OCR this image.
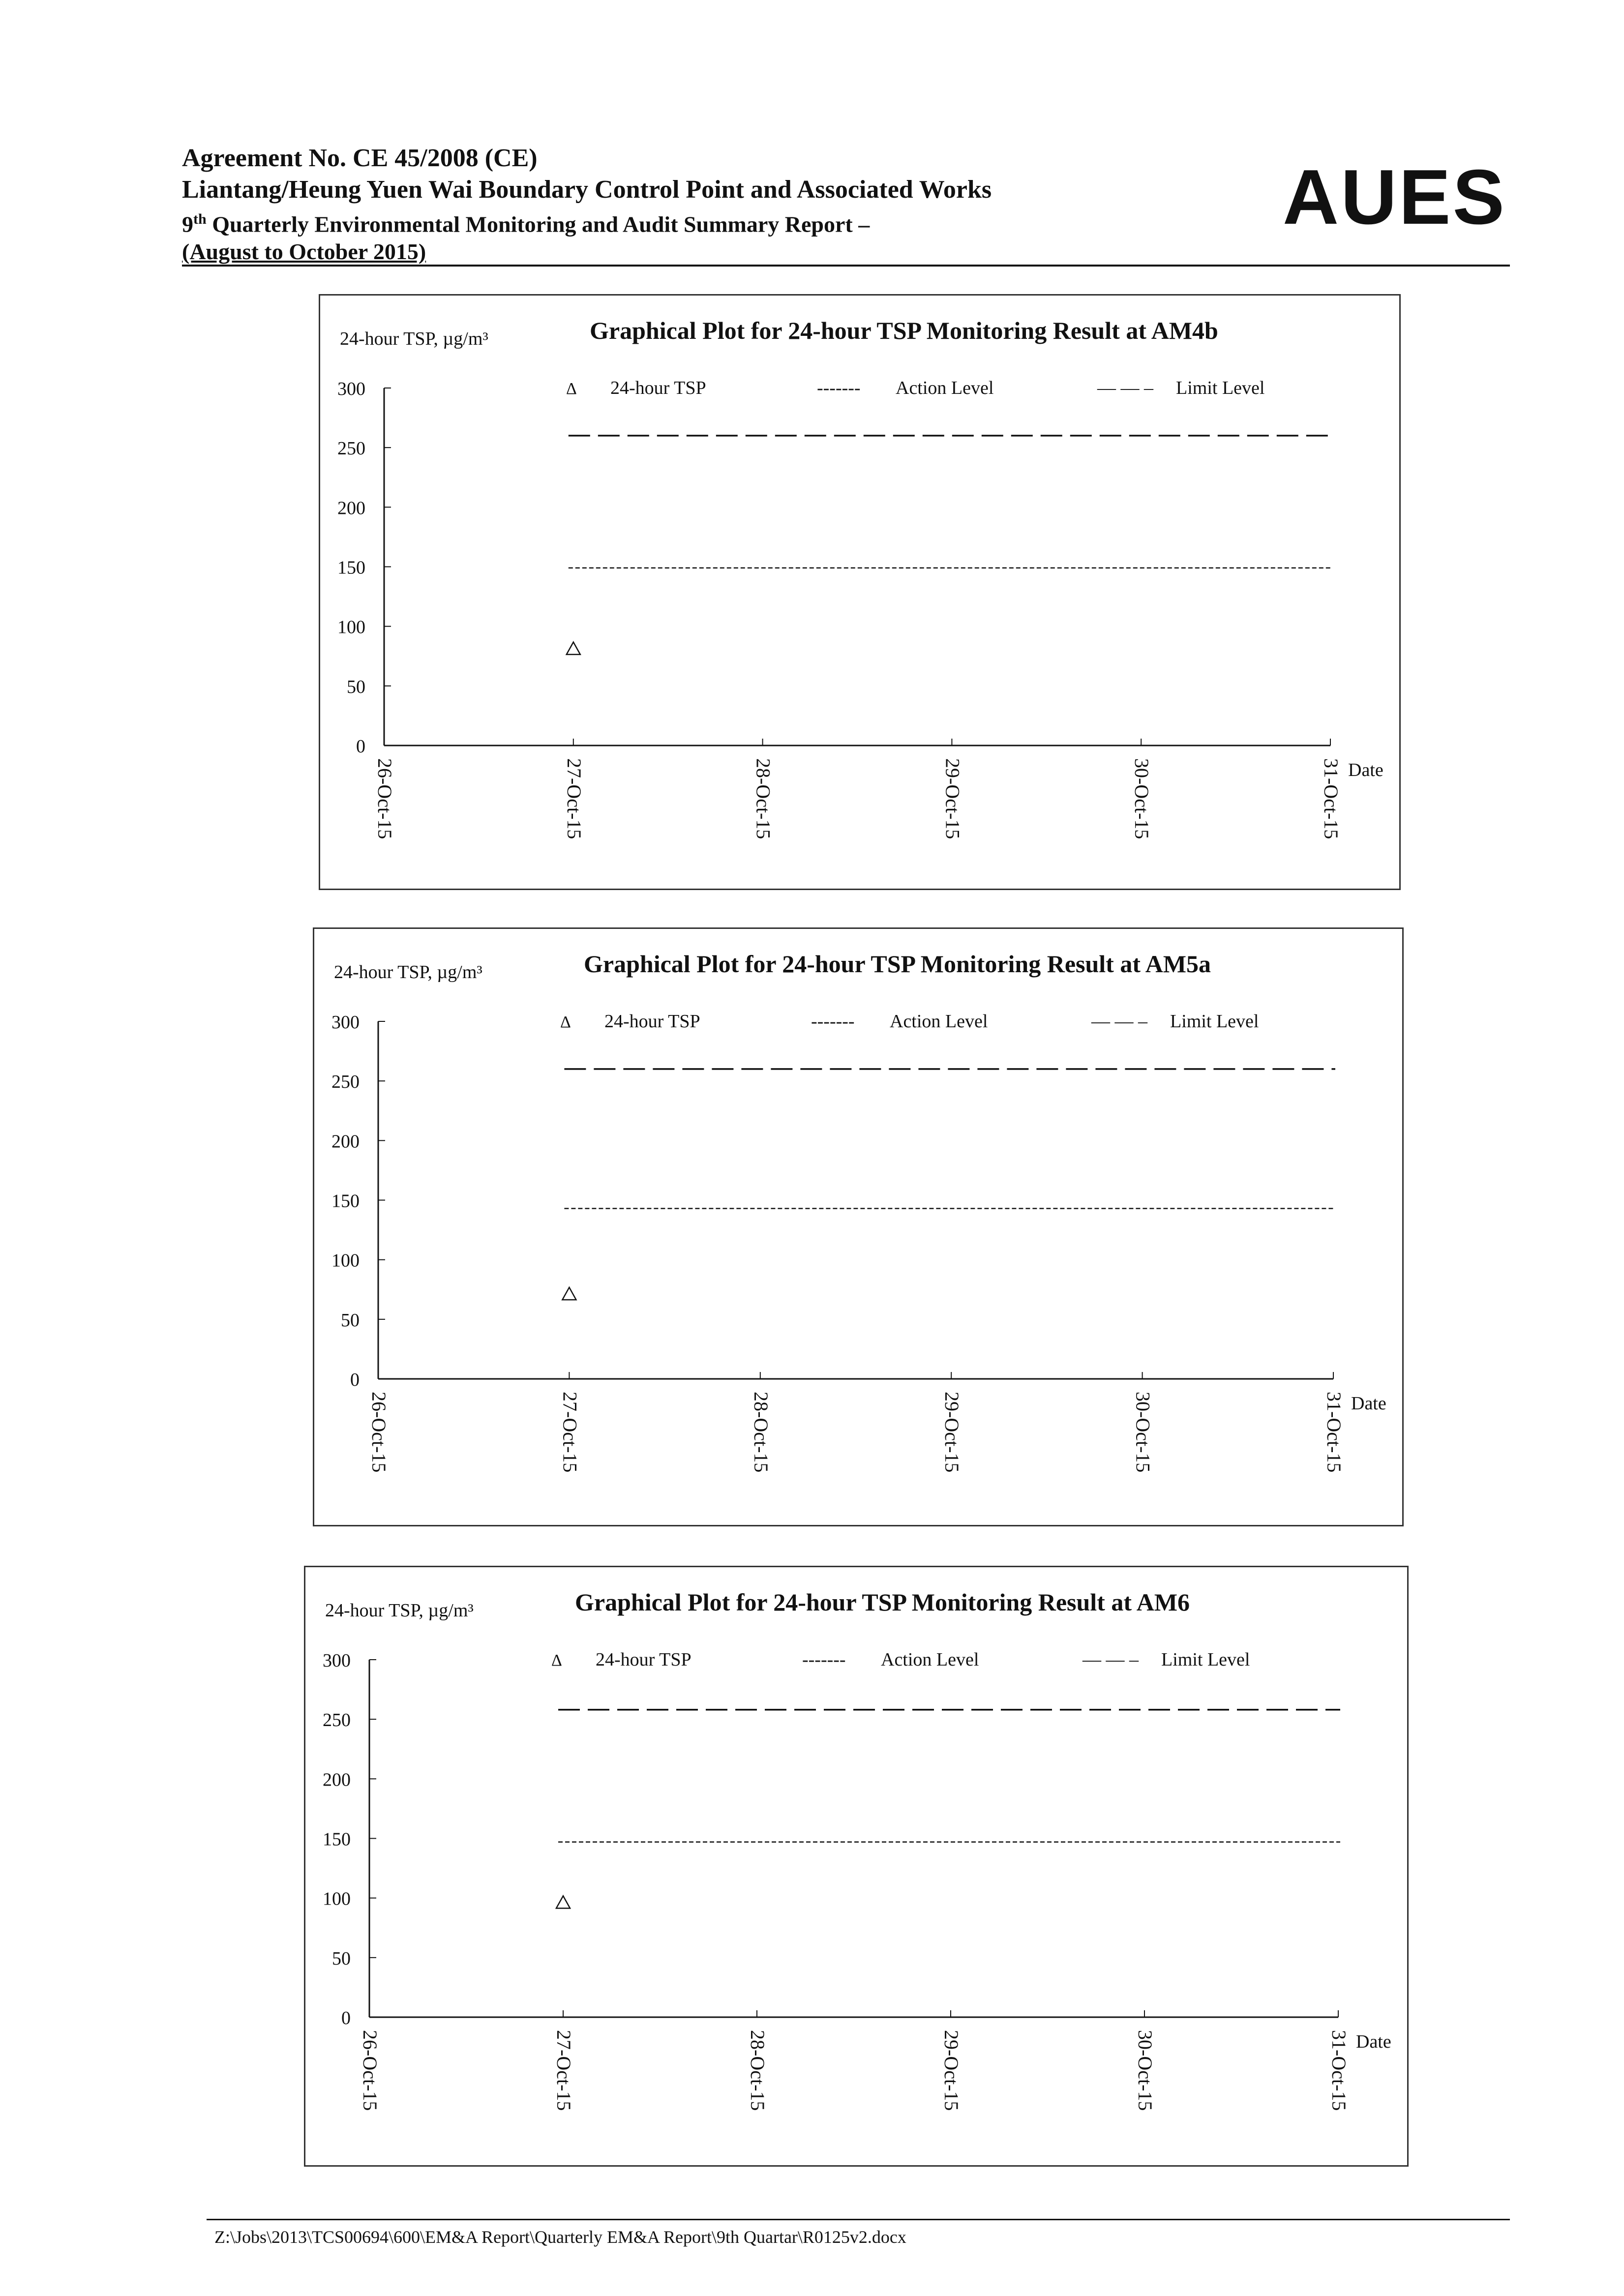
Agreement No. CE 45/2008 (CE)
Liantang/Heung Yuen Wai Boundary Control Point and Associated Works
9th Quarterly Environmental Monitoring and Audit Summary Report –
(August to October 2015)
AUES
24-hour TSP, µg/m³	Graphical Plot for 24-hour TSP Monitoring Result at AM4b
Δ 24-hour TSP	------- Action Level	— — – Limit Level
0
50
100
150
200
250
300
26-Oct-15	27-Oct-15	28-Oct-15	29-Oct-15	30-Oct-15	31-Oct-15 Date
24-hour TSP, µg/m³	Graphical Plot for 24-hour TSP Monitoring Result at AM5a
Δ 24-hour TSP	------- Action Level	— — – Limit Level
0
50
100
150
200
250
300
26-Oct-15	27-Oct-15	28-Oct-15	29-Oct-15	30-Oct-15	31-Oct-15 Date
24-hour TSP, µg/m³	Graphical Plot for 24-hour TSP Monitoring Result at AM6
Δ 24-hour TSP	------- Action Level	— — – Limit Level
0
50
100
150
200
250
300
26-Oct-15	27-Oct-15	28-Oct-15	29-Oct-15	30-Oct-15	31-Oct-15 Date
Z:\Jobs\2013\TCS00694\600\EM&A Report\Quarterly EM&A Report\9th Quartar\R0125v2.docx
